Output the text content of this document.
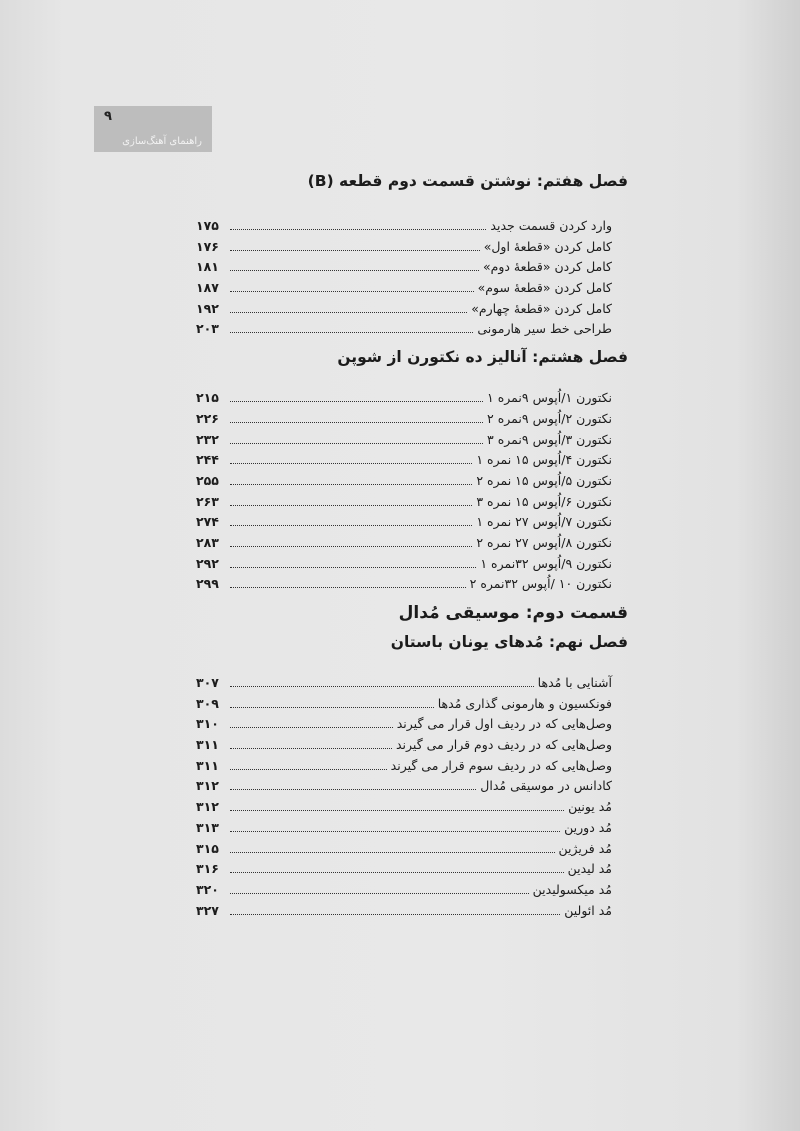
۹
راهنمای آهنگ‌سازی
فصل هفتم: نوشتن قسمت دوم قطعه (B)
وارد کردن قسمت جدید
۱۷۵
کامل کردن «قطعهٔ اول»
۱۷۶
کامل کردن «قطعهٔ دوم»
۱۸۱
کامل کردن «قطعهٔ سوم»
۱۸۷
کامل کردن «قطعهٔ چهارم»
۱۹۲
طراحی خط سیر هارمونی
۲۰۳
فصل هشتم: آنالیز ده نکتورن از شوپن
نکتورن ۱/اُپوس ۹نمره ۱
۲۱۵
نکتورن ۲/اُپوس ۹نمره ۲
۲۲۶
نکتورن ۳/اُپوس ۹نمره ۳
۲۳۲
نکتورن ۴/اُپوس ۱۵ نمره ۱
۲۴۴
نکتورن ۵/اُپوس ۱۵ نمره ۲
۲۵۵
نکتورن ۶/اُپوس ۱۵ نمره ۳
۲۶۳
نکتورن ۷/اُپوس ۲۷ نمره ۱
۲۷۴
نکتورن ۸/اُپوس ۲۷ نمره ۲
۲۸۳
نکتورن ۹/اُپوس ۳۲نمره ۱
۲۹۲
نکتورن ۱۰ /اُپوس ۳۲نمره ۲
۲۹۹
قسمت دوم: موسیقی مُدال
فصل نهم: مُدهای یونان باستان
آشنایی با مُدها
۳۰۷
فونکسیون و هارمونی گذاری مُدها
۳۰۹
وصل‌هایی که در ردیف اول قرار می گیرند
۳۱۰
وصل‌هایی که در ردیف دوم قرار می گیرند
۳۱۱
وصل‌هایی که در ردیف سوم قرار می گیرند
۳۱۱
کادانس در موسیقی مُدال
۳۱۲
مُد یونین
۳۱۲
مُد دورین
۳۱۳
مُد فریژین
۳۱۵
مُد لیدین
۳۱۶
مُد میکسولیدین
۳۲۰
مُد ائولین
۳۲۷
